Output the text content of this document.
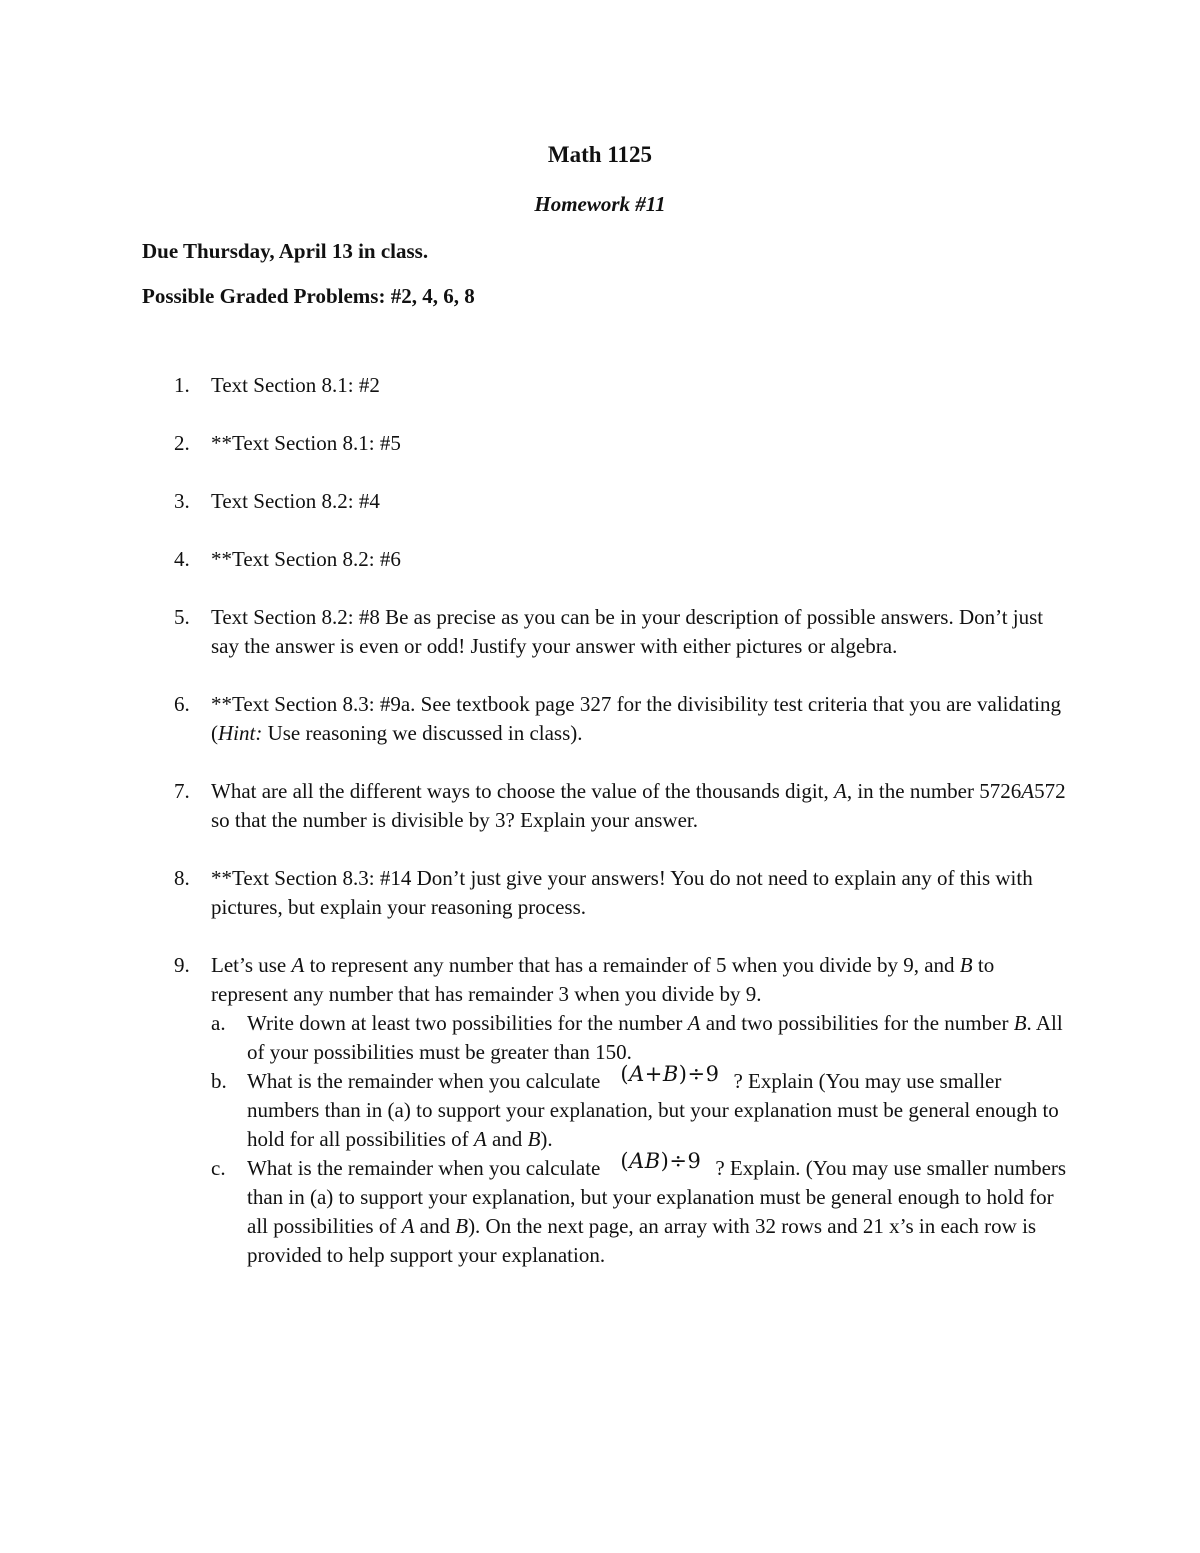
Math 1125
Homework #11
Due Thursday, April 13 in class.
Possible Graded Problems: #2, 4, 6, 8
1. Text Section 8.1: #2
2. **Text Section 8.1: #5
3. Text Section 8.2: #4
4. **Text Section 8.2: #6
5. Text Section 8.2: #8 Be as precise as you can be in your description of possible answers. Don’t just say the answer is even or odd! Justify your answer with either pictures or algebra.
6. **Text Section 8.3: #9a. See textbook page 327 for the divisibility test criteria that you are validating (Hint: Use reasoning we discussed in class).
7. What are all the different ways to choose the value of the thousands digit, A, in the number 5726A572 so that the number is divisible by 3? Explain your answer.
8. **Text Section 8.3: #14 Don’t just give your answers! You do not need to explain any of this with pictures, but explain your reasoning process.
9. Let’s use A to represent any number that has a remainder of 5 when you divide by 9, and B to represent any number that has remainder 3 when you divide by 9.
a. Write down at least two possibilities for the number A and two possibilities for the number B. All of your possibilities must be greater than 150.
b. What is the remainder when you calculate (A+B)÷9 ? Explain (You may use smaller numbers than in (a) to support your explanation, but your explanation must be general enough to hold for all possibilities of A and B).
c. What is the remainder when you calculate (AB)÷9 ? Explain. (You may use smaller numbers than in (a) to support your explanation, but your explanation must be general enough to hold for all possibilities of A and B). On the next page, an array with 32 rows and 21 x’s in each row is provided to help support your explanation.
